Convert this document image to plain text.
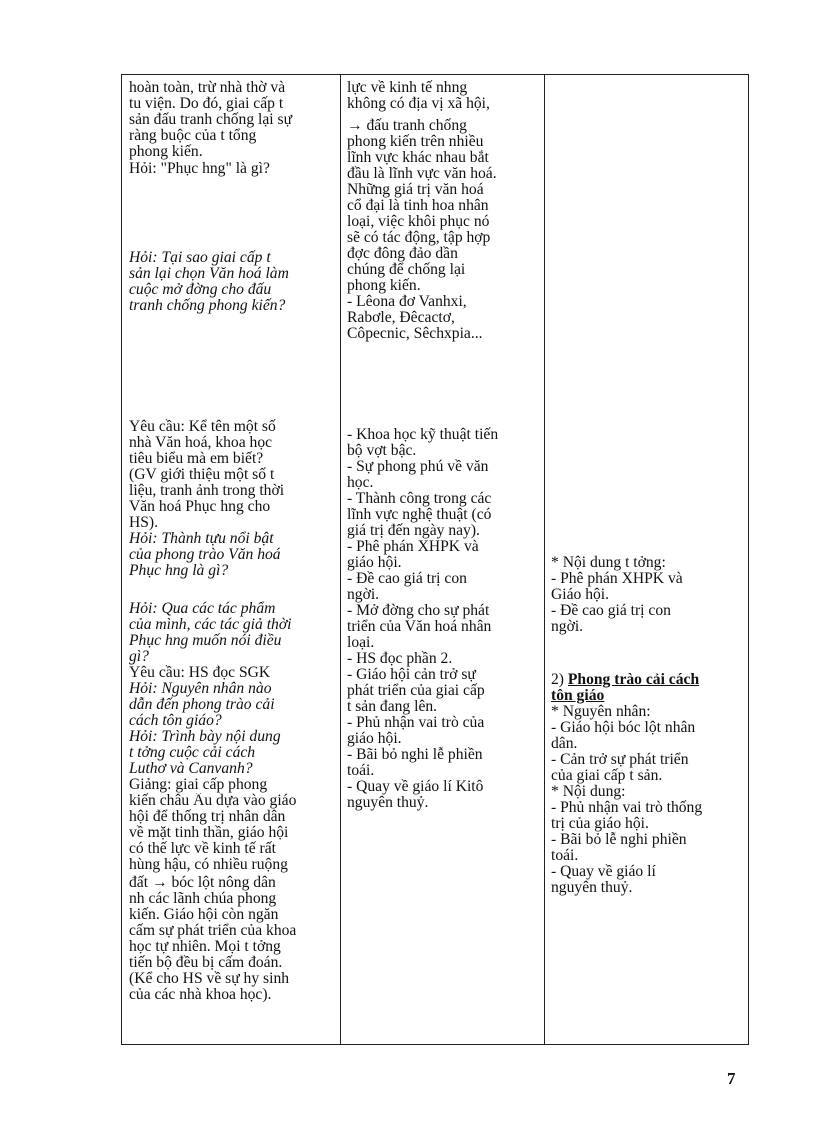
hoàn toàn, trừ nhà thờ và
tu viện. Do đó, giai cấp t
sản đấu tranh chống lại sự
ràng buộc của t tổng
phong kiến.
Hỏi: "Phục hng" là gì?
Hỏi: Tại sao giai cấp t
sản lại chọn Văn hoá làm
cuộc mở đờng cho đấu
tranh chống phong kiến?
Yêu cầu: Kể tên một số
nhà Văn hoá, khoa học
tiêu biểu mà em biết?
(GV giới thiệu một số t
liệu, tranh ảnh trong thời
Văn hoá Phục hng cho
HS).
Hỏi: Thành tựu nổi bật
của phong trào Văn hoá
Phục hng là gì?
Hỏi: Qua các tác phẩm
của mình, các tác giả thời
Phục hng muốn nói điều
gì?
Yêu cầu: HS đọc SGK
Hỏi: Nguyên nhân nào
dẫn đến phong trào cải
cách tôn giáo?
Hỏi: Trình bày nội dung
t tởng cuộc cải cách
Luthơ và Canvanh?
Giảng: giai cấp phong
kiến châu Âu dựa vào giáo
hội để thống trị nhân dân
về mặt tinh thần, giáo hội
có thế lực về kinh tế rất
hùng hậu, có nhiều ruộng
đất → bóc lột nông dân
nh các lãnh chúa phong
kiến. Giáo hội còn ngăn
cấm sự phát triển của khoa
học tự nhiên. Mọi t tởng
tiến bộ đều bị cấm đoán.
(Kể cho HS về sự hy sinh
của các nhà khoa học).
lực về kinh tế nhng
không có địa vị xã hội,
→ đấu tranh chống
phong kiến trên nhiều
lĩnh vực khác nhau bắt
đầu là lĩnh vực văn hoá.
Những giá trị văn hoá
cổ đại là tinh hoa nhân
loại, việc khôi phục nó
sẽ có tác động, tập hợp
đợc đông đảo dần
chúng để chống lại
phong kiến.
- Lêona đơ Vanhxi,
Rabơle, Đêcactơ,
Côpecnic, Sêchxpia...
- Khoa học kỹ thuật tiến
bộ vợt bậc.
- Sự phong phú về văn
học.
- Thành công trong các
lĩnh vực nghệ thuật (có
giá trị đến ngày nay).
- Phê phán XHPK và
giáo hội.
- Đề cao giá trị con
ngời.
- Mở đờng cho sự phát
triển của Văn hoá nhân
loại.
- HS đọc phần 2.
- Giáo hội cản trở sự
phát triển của giai cấp
t sản đang lên.
- Phủ nhận vai trò của
giáo hội.
- Bãi bỏ nghi lễ phiền
toái.
- Quay về giáo lí Kitô
nguyên thuỷ.
* Nội dung t tởng:
- Phê phán XHPK và
Giáo hội.
- Đề cao giá trị con
ngời.
2) Phong trào cải cách
tôn giáo
* Nguyên nhân:
- Giáo hội bóc lột nhân
dân.
- Cản trở sự phát triển
của giai cấp t sản.
* Nội dung:
- Phủ nhận vai trò thống
trị của giáo hội.
- Bãi bỏ lễ nghi phiền
toái.
- Quay về giáo lí
nguyên thuỷ.
7
